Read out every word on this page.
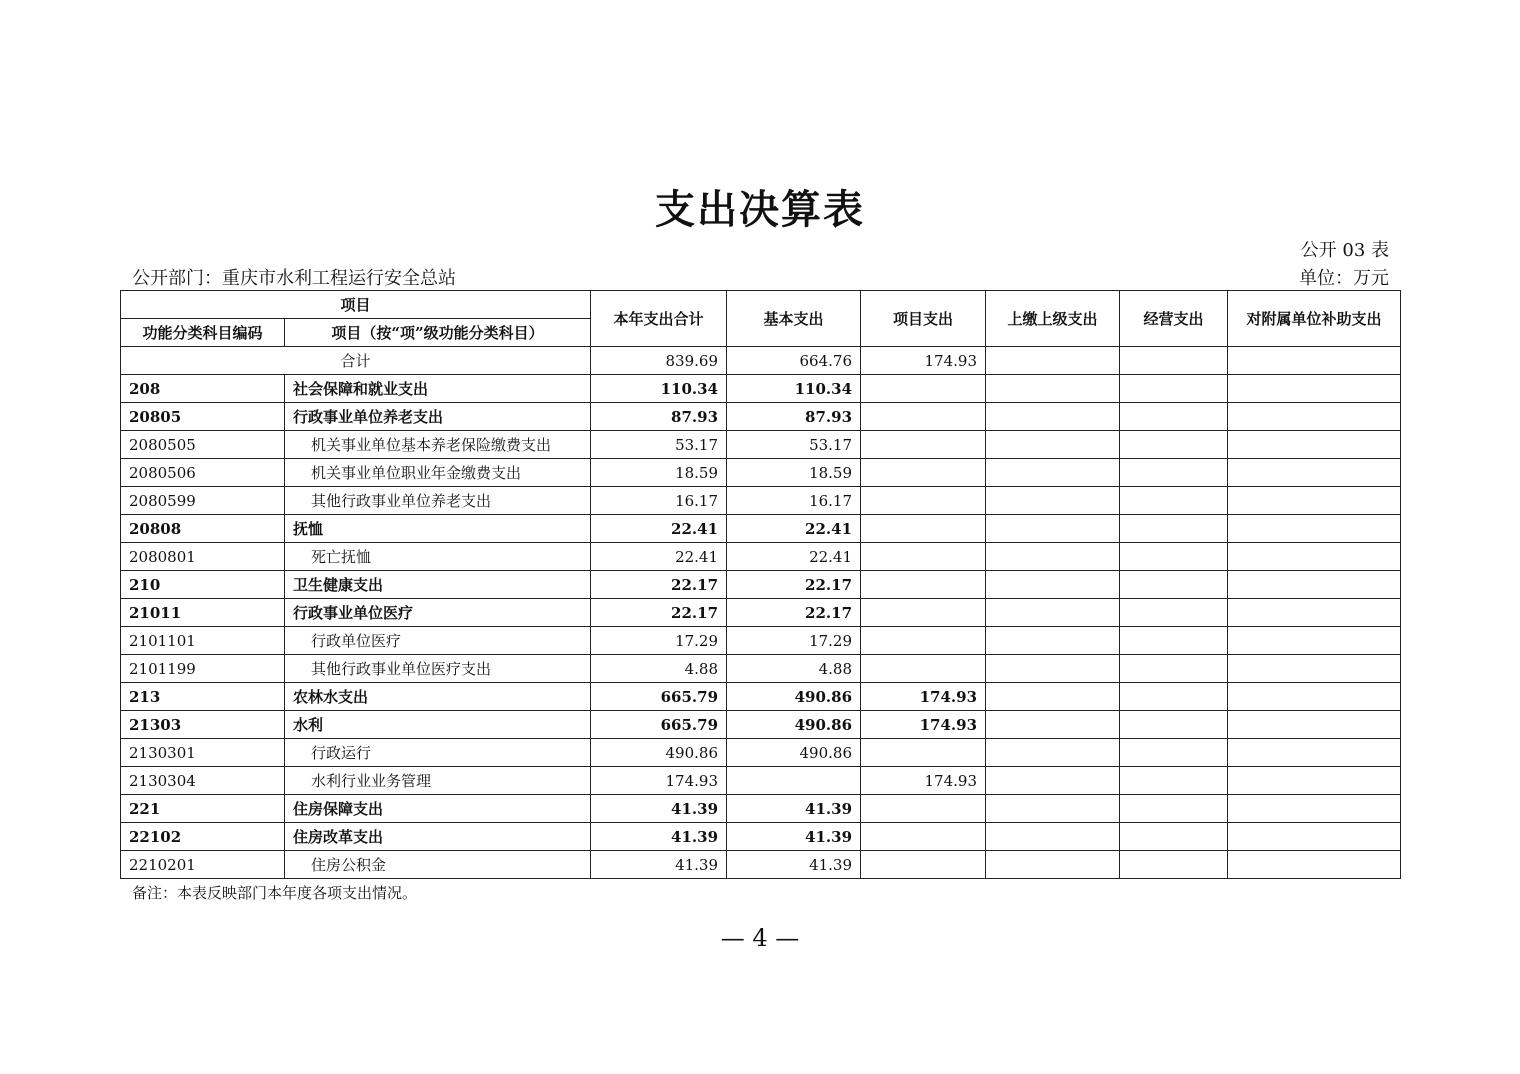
支出决算表
公开 03 表
公开部门：重庆市水利工程运行安全总站	单位：万元
项目		本年支出合计	基本支出	项目支出	上缴上级支出	经营支出	对附属单位补助支出
功能分类科目编码	项目（按“项”级功能分类科目）						
合计		839.69	664.76	174.93			
208	社会保障和就业支出	110.34	110.34				
20805	行政事业单位养老支出	87.93	87.93				
2080505	机关事业单位基本养老保险缴费支出	53.17	53.17				
2080506	机关事业单位职业年金缴费支出	18.59	18.59				
2080599	其他行政事业单位养老支出	16.17	16.17				
20808	抚恤	22.41	22.41				
2080801	死亡抚恤	22.41	22.41				
210	卫生健康支出	22.17	22.17				
21011	行政事业单位医疗	22.17	22.17				
2101101	行政单位医疗	17.29	17.29				
2101199	其他行政事业单位医疗支出	4.88	4.88				
213	农林水支出	665.79	490.86	174.93			
21303	水利	665.79	490.86	174.93			
2130301	行政运行	490.86	490.86				
2130304	水利行业业务管理	174.93		174.93			
221	住房保障支出	41.39	41.39				
22102	住房改革支出	41.39	41.39				
2210201	住房公积金	41.39	41.39				
备注：本表反映部门本年度各项支出情况。
— 4 —
